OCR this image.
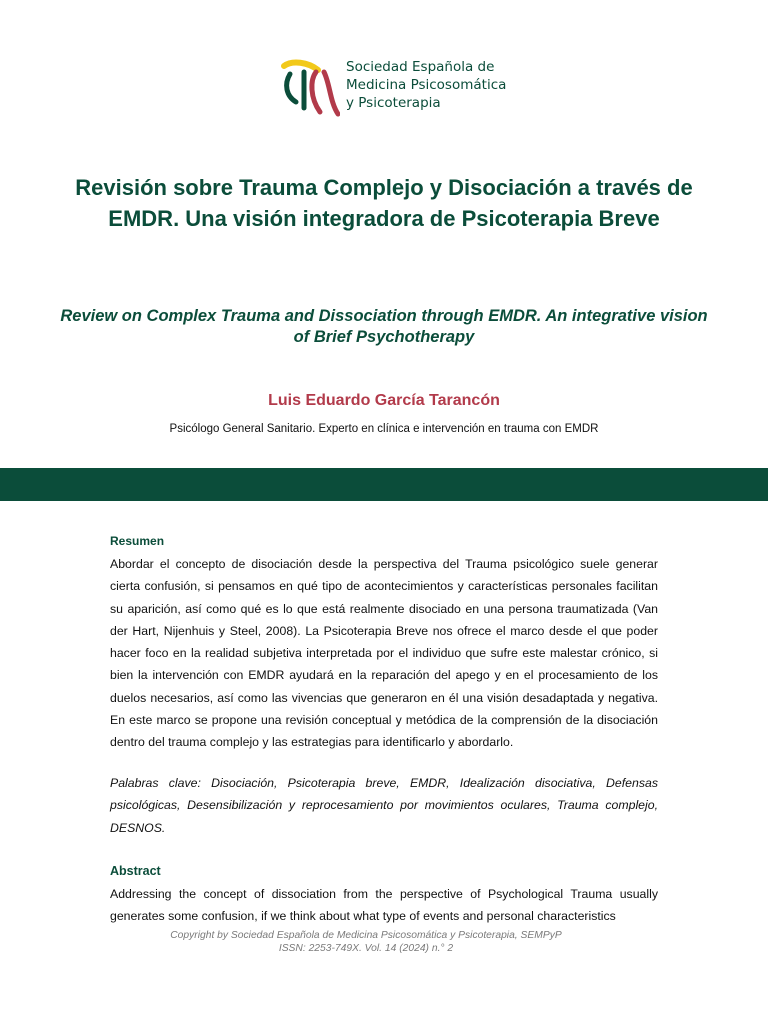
Sociedad Española de
Medicina Psicosomática
y Psicoterapia
Revisión sobre Trauma Complejo y Disociación a través de EMDR. Una visión integradora de Psicoterapia Breve
Review on Complex Trauma and Dissociation through EMDR. An integrative vision of Brief Psychotherapy
Luis Eduardo García Tarancón
Psicólogo General Sanitario. Experto en clínica e intervención en trauma con EMDR
Resumen
Abordar el concepto de disociación desde la perspectiva del Trauma psicológico suele generar cierta confusión, si pensamos en qué tipo de acontecimientos y características personales facilitan su aparición, así como qué es lo que está realmente disociado en una persona traumatizada (Van der Hart, Nijenhuis y Steel, 2008). La Psicoterapia Breve nos ofrece el marco desde el que poder hacer foco en la realidad subjetiva interpretada por el individuo que sufre este malestar crónico, si bien la intervención con EMDR ayudará en la reparación del apego y en el procesamiento de los duelos necesarios, así como las vivencias que generaron en él una visión desadaptada y negativa. En este marco se propone una revisión conceptual y metódica de la comprensión de la disociación dentro del trauma complejo y las estrategias para identificarlo y abordarlo.
Palabras clave: Disociación, Psicoterapia breve, EMDR, Idealización disociativa, Defensas psicológicas, Desensibilización y reprocesamiento por movimientos oculares, Trauma complejo, DESNOS.
Abstract
Addressing the concept of dissociation from the perspective of Psychological Trauma usually generates some confusion, if we think about what type of events and personal characteristics
Copyright by Sociedad Española de Medicina Psicosomática y Psicoterapia, SEMPyP
ISSN: 2253-749X. Vol. 14 (2024) n.° 2
